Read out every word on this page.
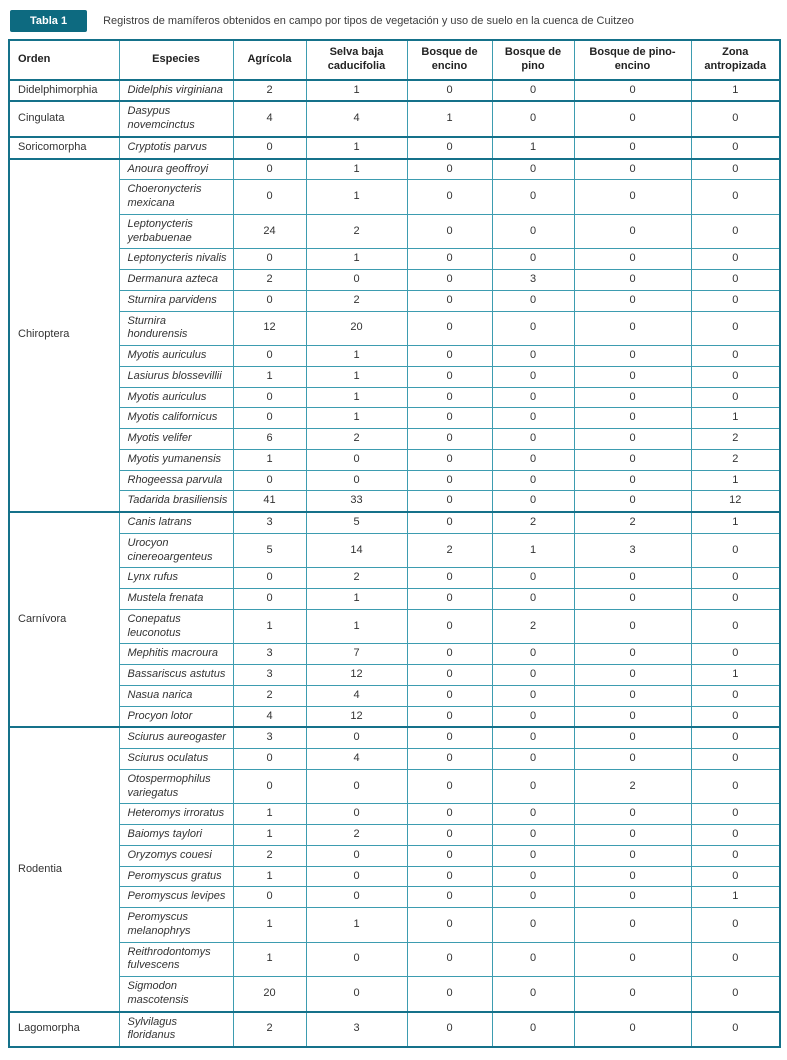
Tabla 1	Registros de mamíferos obtenidos en campo por tipos de vegetación y uso de suelo en la cuenca de Cuitzeo
Orden	Especies	Agrícola	Selva baja caducifolia	Bosque de encino	Bosque de pino	Bosque de pino-encino	Zona antropizada
Didelphimorphia	Didelphis virginiana	2	1	0	0	0	1
Cingulata	Dasypus novemcinctus	4	4	1	0	0	0
Soricomorpha	Cryptotis parvus	0	1	0	1	0	0
Chiroptera	Anoura geoffroyi	0	1	0	0	0	0
	Choeronycteris mexicana	0	1	0	0	0	0
	Leptonycteris yerbabuenae	24	2	0	0	0	0
	Leptonycteris nivalis	0	1	0	0	0	0
	Dermanura azteca	2	0	0	3	0	0
	Sturnira parvidens	0	2	0	0	0	0
	Sturnira hondurensis	12	20	0	0	0	0
	Myotis auriculus	0	1	0	0	0	0
	Lasiurus blossevillii	1	1	0	0	0	0
	Myotis auriculus	0	1	0	0	0	0
	Myotis californicus	0	1	0	0	0	1
	Myotis velifer	6	2	0	0	0	2
	Myotis yumanensis	1	0	0	0	0	2
	Rhogeessa parvula	0	0	0	0	0	1
	Tadarida brasiliensis	41	33	0	0	0	12
Carnívora	Canis latrans	3	5	0	2	2	1
	Urocyon cinereoargenteus	5	14	2	1	3	0
	Lynx rufus	0	2	0	0	0	0
	Mustela frenata	0	1	0	0	0	0
	Conepatus leuconotus	1	1	0	2	0	0
	Mephitis macroura	3	7	0	0	0	0
	Bassariscus astutus	3	12	0	0	0	1
	Nasua narica	2	4	0	0	0	0
	Procyon lotor	4	12	0	0	0	0
Rodentia	Sciurus aureogaster	3	0	0	0	0	0
	Sciurus oculatus	0	4	0	0	0	0
	Otospermophilus variegatus	0	0	0	0	2	0
	Heteromys irroratus	1	0	0	0	0	0
	Baiomys taylori	1	2	0	0	0	0
	Oryzomys couesi	2	0	0	0	0	0
	Peromyscus gratus	1	0	0	0	0	0
	Peromyscus levipes	0	0	0	0	0	1
	Peromyscus melanophrys	1	1	0	0	0	0
	Reithrodontomys fulvescens	1	0	0	0	0	0
	Sigmodon mascotensis	20	0	0	0	0	0
Lagomorpha	Sylvilagus floridanus	2	3	0	0	0	0
